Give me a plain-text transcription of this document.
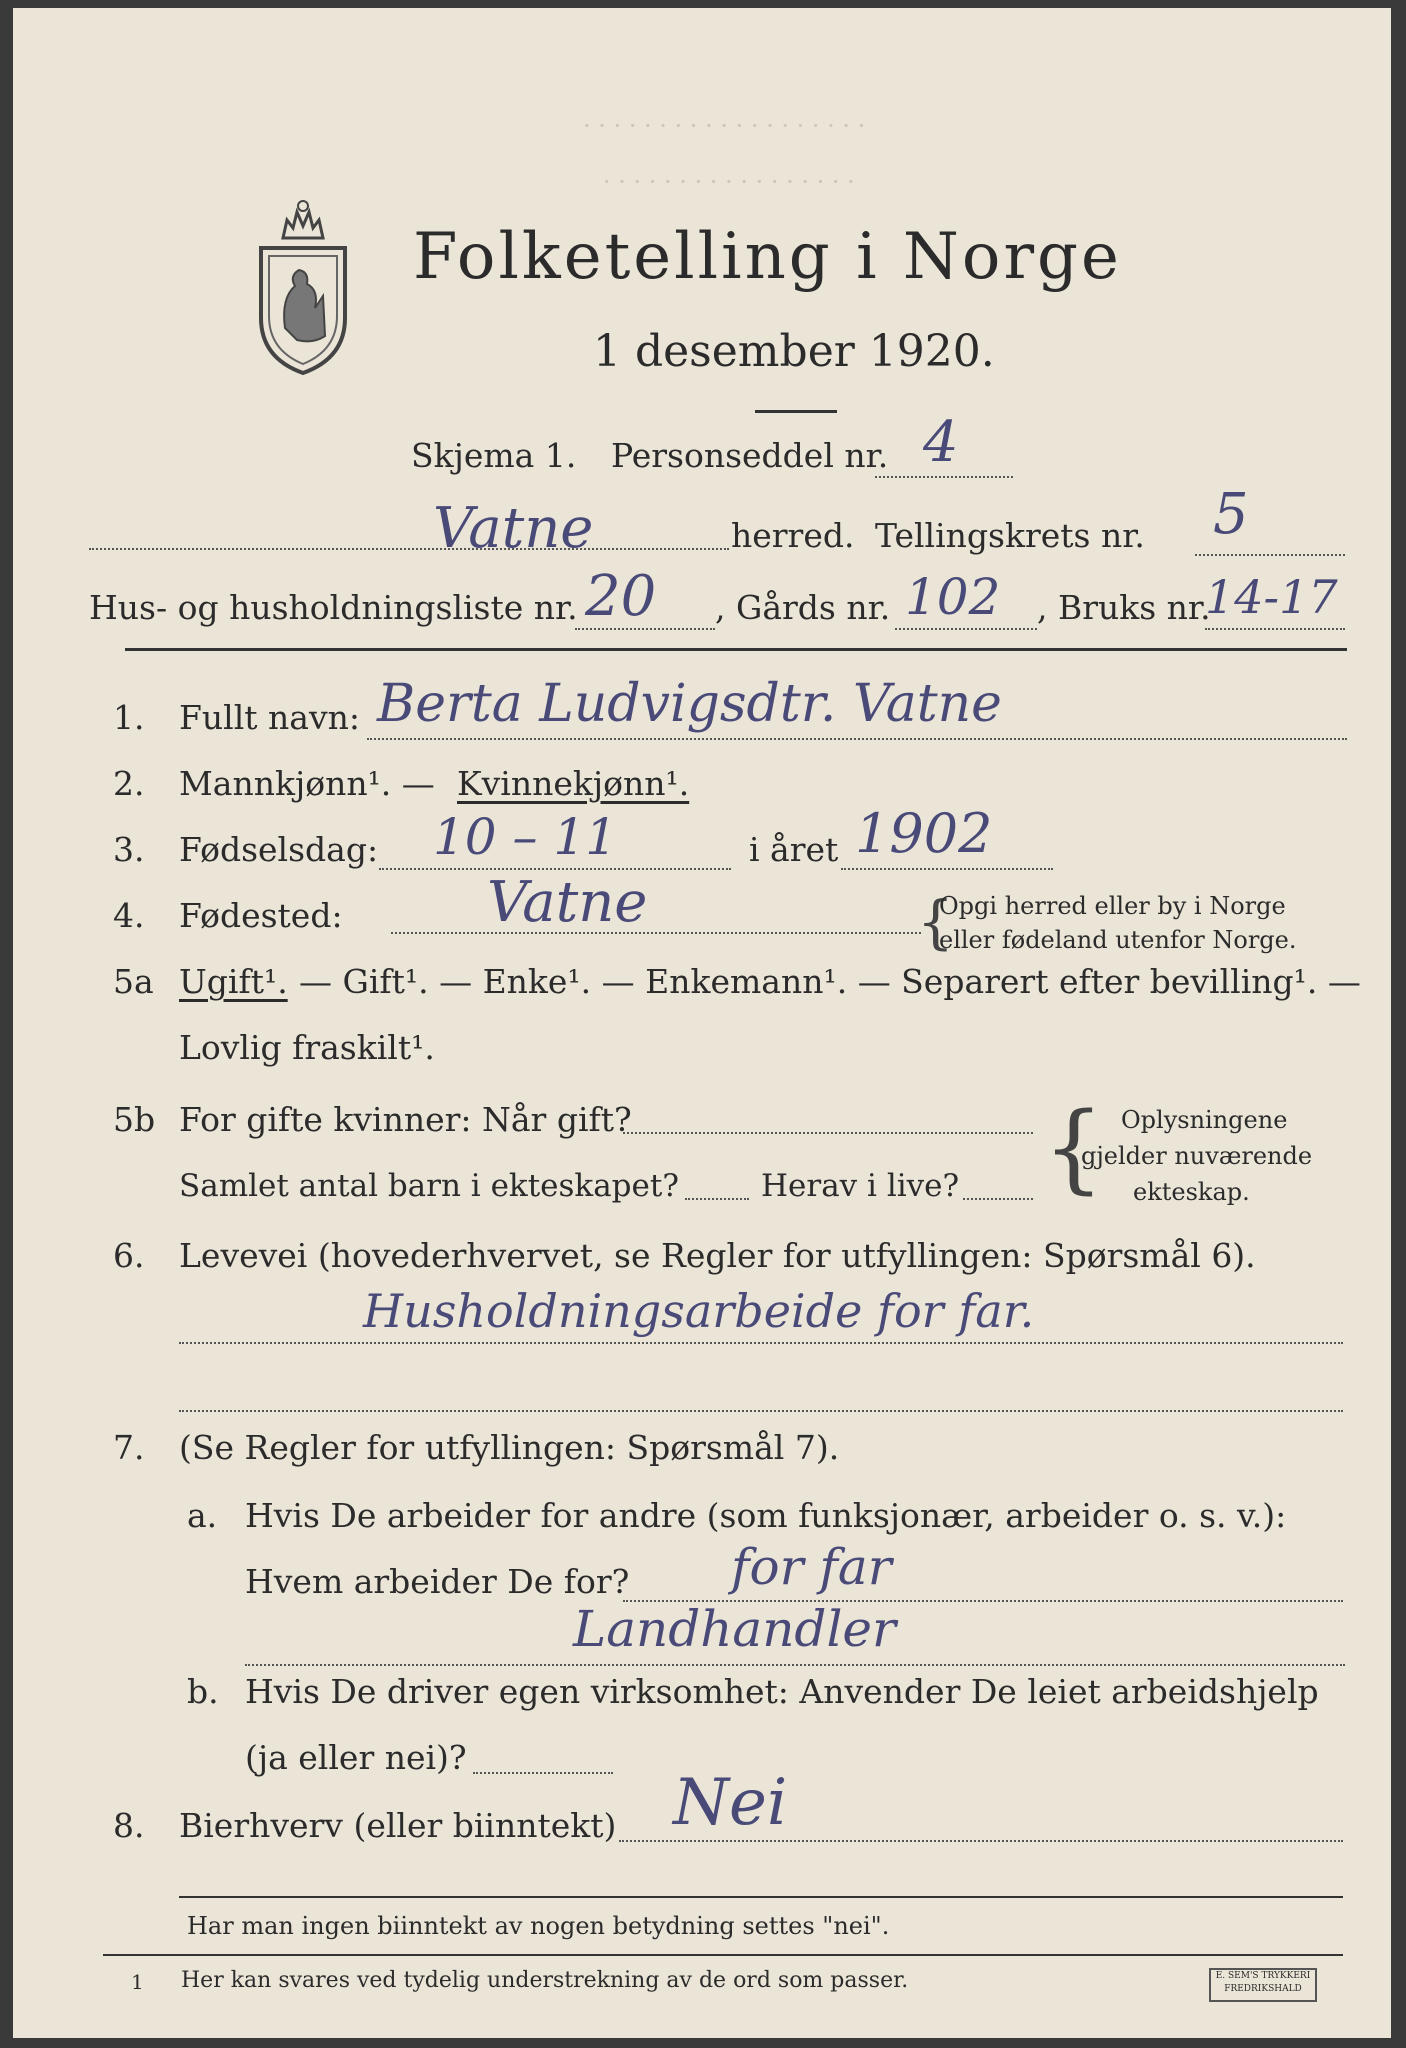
· · · · · · · · · · · · · · · · · · ·
· · · · · · · · · · · · · · · · ·
Folketelling i Norge
1 desember 1920.
Skjema 1. Personseddel nr. 4
Vatne	herred. Tellingskrets nr. 5
Hus- og husholdningsliste nr. 20 , Gårds nr. 102 , Bruks nr.
14-17
1. Fullt navn: Berta Ludvigsdtr. Vatne
2. Mannkjønn¹. — Kvinnekjønn¹.
3. Fødselsdag: 10 – 11	i året 1902
4. Fødested:	Vatne	{
Opgi herred eller by i Norge
eller fødeland utenfor Norge.
5a Ugift¹. — Gift¹. — Enke¹. — Enkemann¹. — Separert efter bevilling¹. —
Lovlig fraskilt¹.
5b For gifte kvinner: Når gift?
Samlet antal barn i ekteskapet?	Herav i live? { Oplysningene
gjelder nuværende
ekteskap.
6. Levevei (hovederhvervet, se Regler for utfyllingen: Spørsmål 6).
Husholdningsarbeide for far.
7. (Se Regler for utfyllingen: Spørsmål 7).
a. Hvis De arbeider for andre (som funksjonær, arbeider o. s. v.):
Hvem arbeider De for? for far
Landhandler
b. Hvis De driver egen virksomhet: Anvender De leiet arbeidshjelp
(ja eller nei)?
8. Bierhverv (eller biinntekt) Nei
Har man ingen biinntekt av nogen betydning settes "nei".
1 Her kan svares ved tydelig understrekning av de ord som passer.	E. SEM'S TRYKKERI FREDRIKSHALD
